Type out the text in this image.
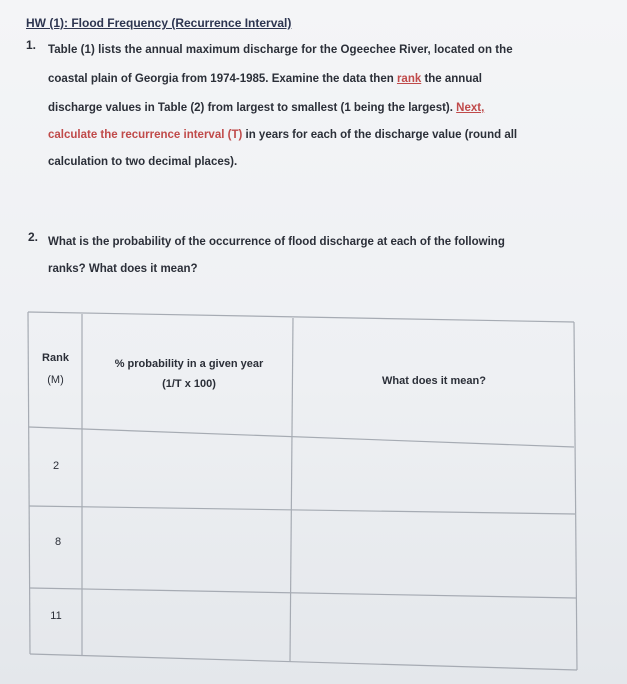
HW (1): Flood Frequency (Recurrence Interval)
1. Table (1) lists the annual maximum discharge for the Ogeechee River, located on the
coastal plain of Georgia from 1974-1985. Examine the data then rank the annual
discharge values in Table (2) from largest to smallest (1 being the largest). Next,
calculate the recurrence interval (T) in years for each of the discharge value (round all
calculation to two decimal places).
2. What is the probability of the occurrence of flood discharge at each of the following
ranks? What does it mean?
Rank
(M)
% probability in a given year
(1/T x 100)	What does it mean?
2
8
11
